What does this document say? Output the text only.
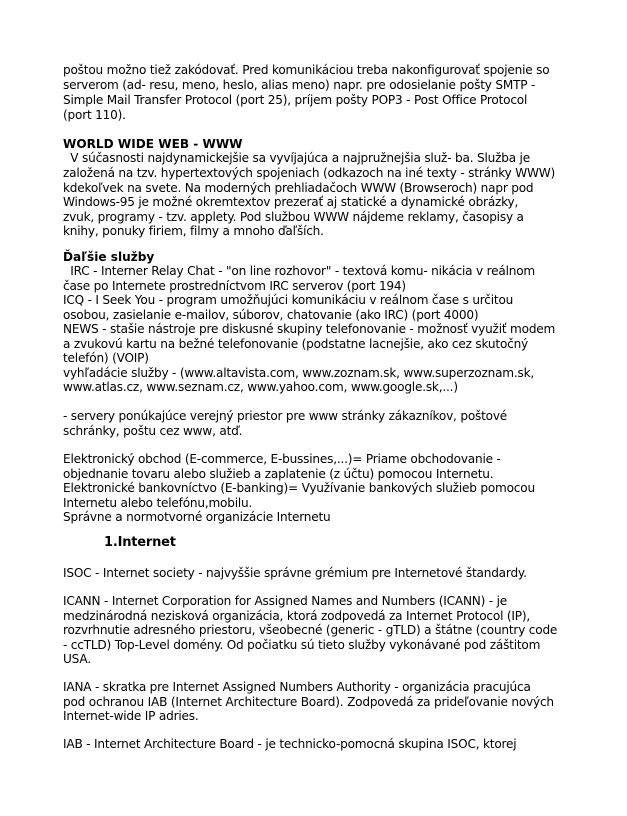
poštou možno tiež zakódovať. Pred komunikáciou treba nakonfigurovať spojenie so
serverom (ad- resu, meno, heslo, alias meno) napr. pre odosielanie pošty SMTP -
Simple Mail Transfer Protocol (port 25), príjem pošty POP3 - Post Office Protocol
(port 110).
WORLD WIDE WEB - WWW
V súčasnosti najdynamickejšie sa vyvíjajúca a najpružnejšia služ- ba. Služba je
založená na tzv. hypertextových spojeniach (odkazoch na iné texty - stránky WWW)
kdekoľvek na svete. Na moderných prehliadačoch WWW (Browseroch) napr pod
Windows-95 je možné okremtextov prezerať aj statické a dynamické obrázky,
zvuk, programy - tzv. applety. Pod službou WWW nájdeme reklamy, časopisy a
knihy, ponuky firiem, filmy a mnoho ďaľších.
Ďaľšie služby
IRC - Interner Relay Chat - "on line rozhovor" - textová komu- nikácia v reálnom
čase po Internete prostredníctvom IRC serverov (port 194)
ICQ - I Seek You - program umožňujúci komunikáciu v reálnom čase s určitou
osobou, zasielanie e-mailov, súborov, chatovanie (ako IRC) (port 4000)
NEWS - stašie nástroje pre diskusné skupiny telefonovanie - možnosť využiť modem
a zvukovú kartu na bežné telefonovanie (podstatne lacnejšie, ako cez skutočný
telefón) (VOIP)
vyhľadácie služby - (www.altavista.com, www.zoznam.sk, www.superzoznam.sk,
www.atlas.cz, www.seznam.cz, www.yahoo.com, www.google.sk,...)
- servery ponúkajúce verejný priestor pre www stránky zákazníkov, poštové
schránky, poštu cez www, atď.
Elektronický obchod (E-commerce, E-bussines,...)= Priame obchodovanie -
objednanie tovaru alebo služieb a zaplatenie (z účtu) pomocou Internetu.
Elektronické bankovníctvo (E-banking)= Využívanie bankových služieb pomocou
Internetu alebo telefónu,mobilu.
Správne a normotvorné organizácie Internetu
1.Internet
ISOC - Internet society - najvyššie správne grémium pre Internetové štandardy.
ICANN - Internet Corporation for Assigned Names and Numbers (ICANN) - je
medzinárodná nezisková organizácia, ktorá zodpovedá za Internet Protocol (IP),
rozvrhnutie adresného priestoru, všeobecné (generic - gTLD) a štátne (country code
- ccTLD) Top-Level domény. Od počiatku sú tieto služby vykonávané pod záštitom
USA.
IANA - skratka pre Internet Assigned Numbers Authority - organizácia pracujúca
pod ochranou IAB (Internet Architecture Board). Zodpovedá za prideľovanie nových
Internet-wide IP adries.
IAB - Internet Architecture Board - je technicko-pomocná skupina ISOC, ktorej
